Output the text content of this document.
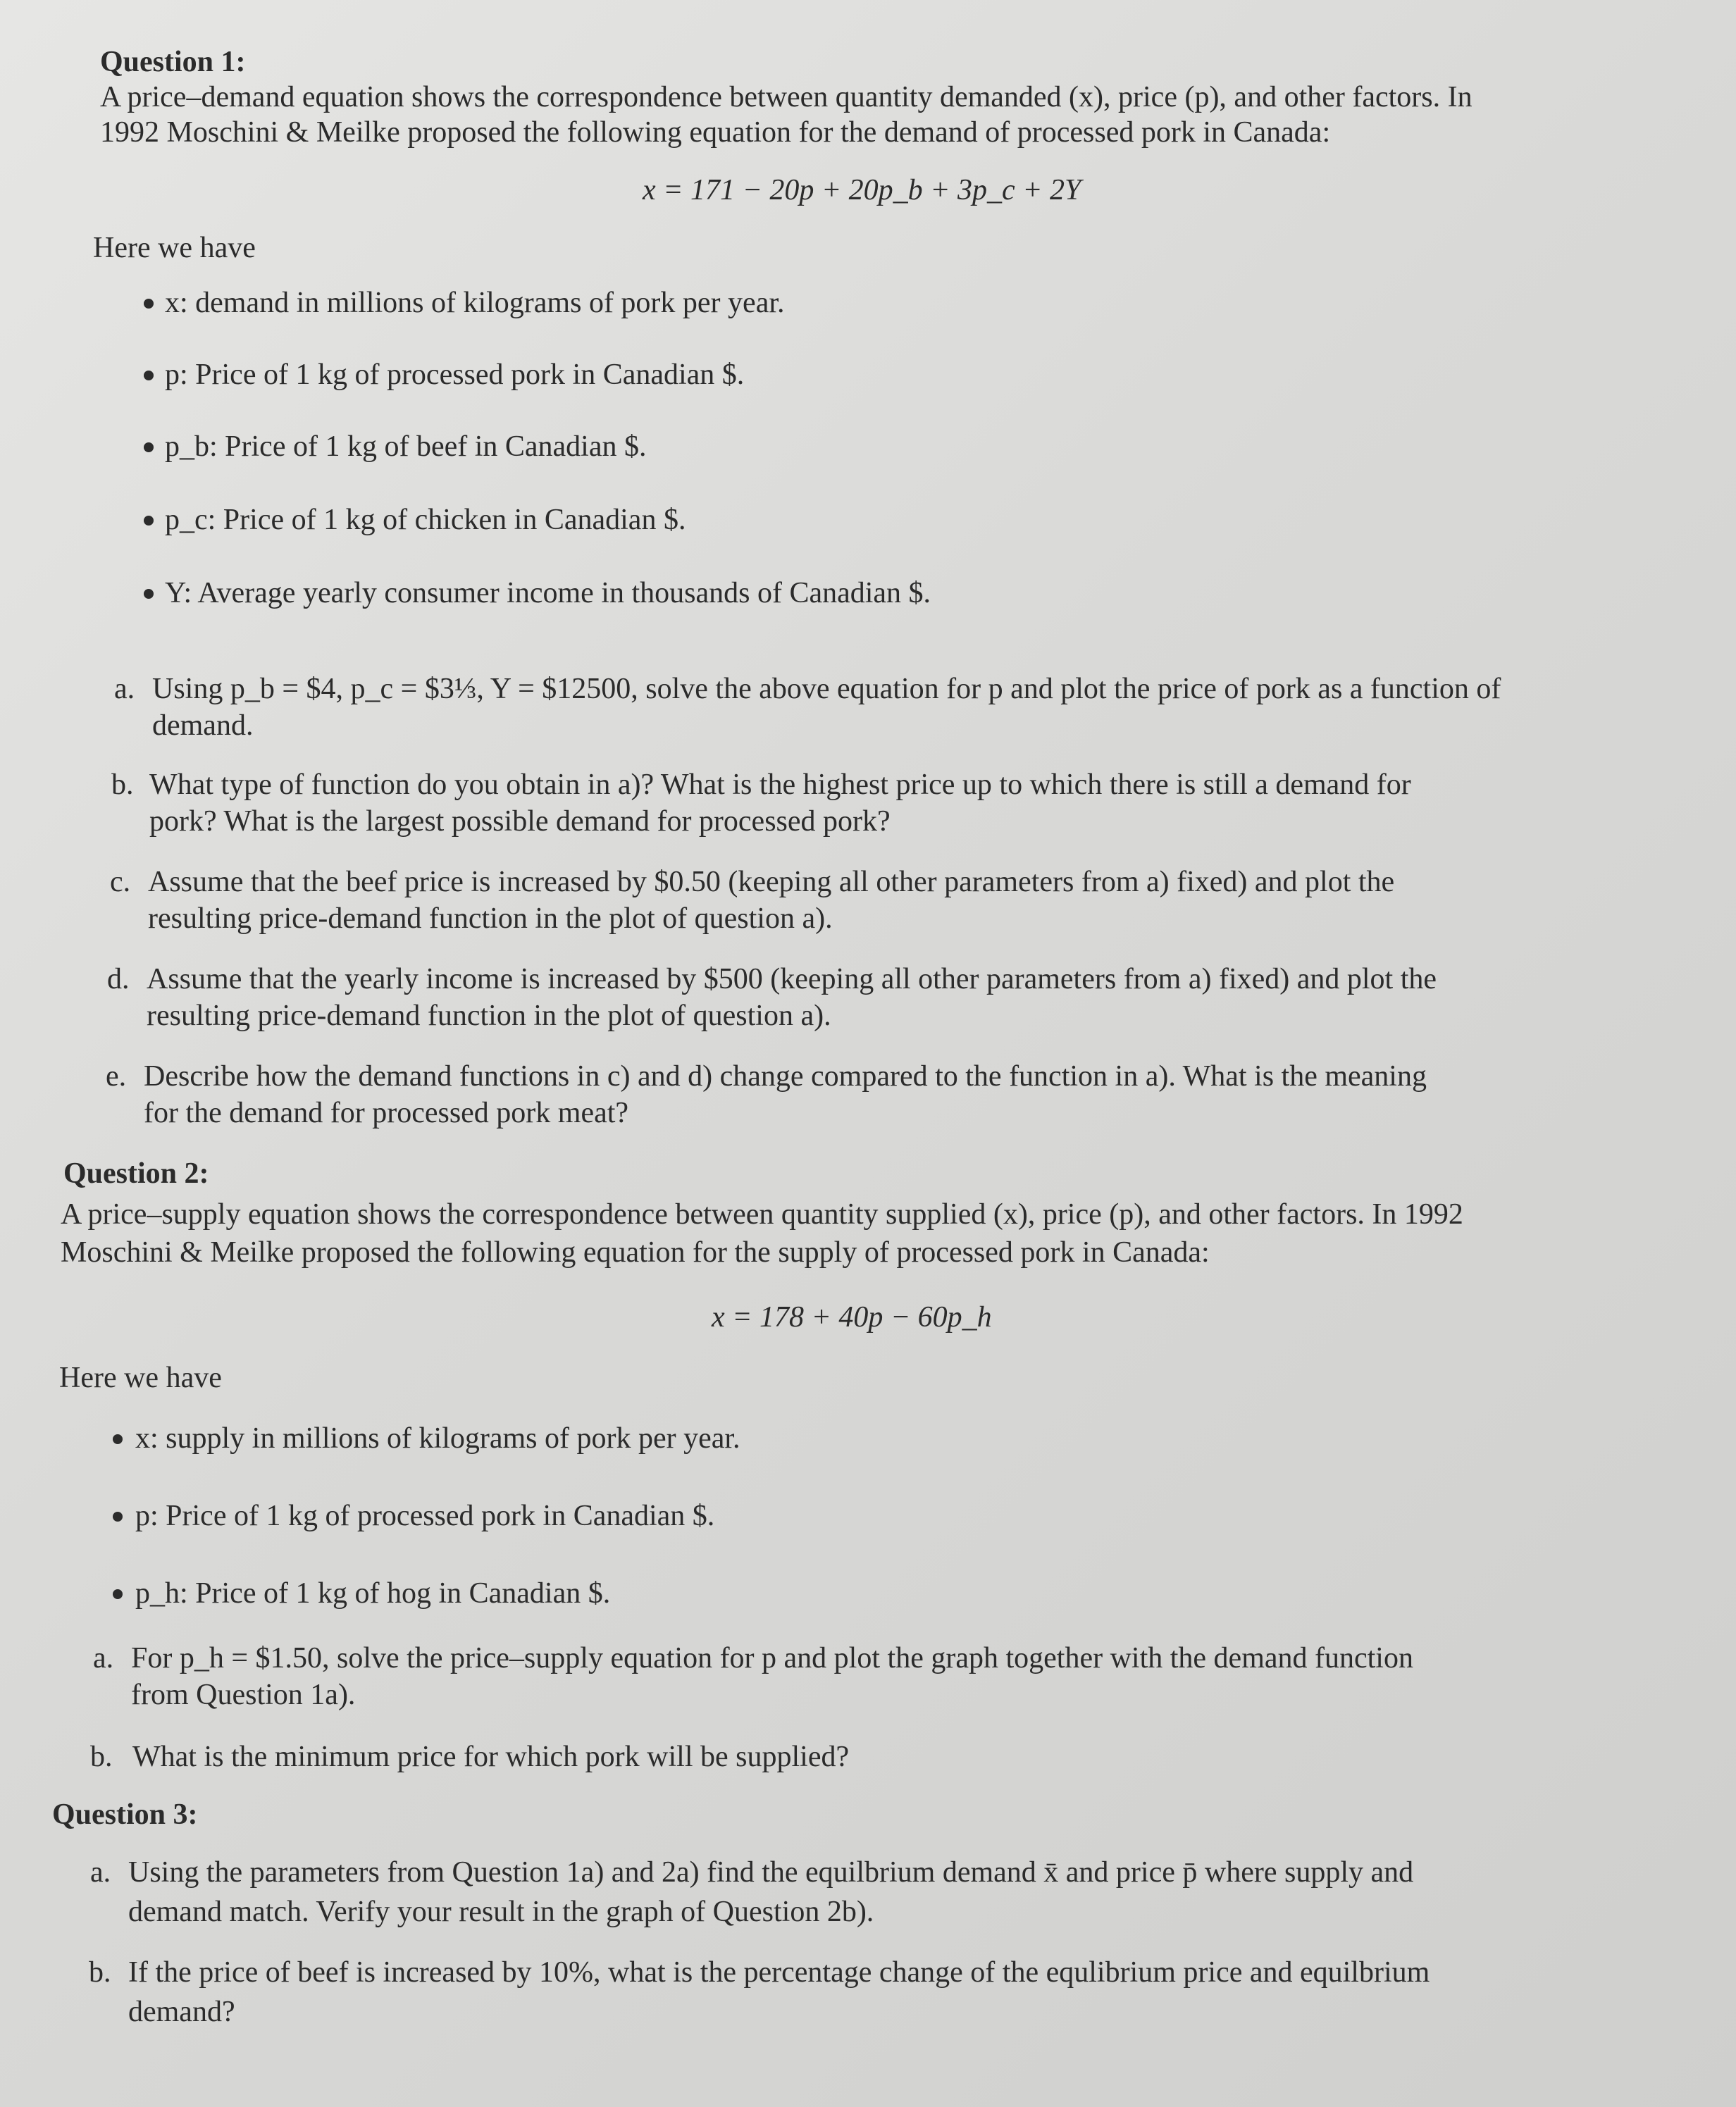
Question 1:
A price–demand equation shows the correspondence between quantity demanded (x), price (p), and other factors. In
1992 Moschini & Meilke proposed the following equation for the demand of processed pork in Canada:
x = 171 − 20p + 20p_b + 3p_c + 2Y
Here we have
x: demand in millions of kilograms of pork per year.
p: Price of 1 kg of processed pork in Canadian $.
p_b: Price of 1 kg of beef in Canadian $.
p_c: Price of 1 kg of chicken in Canadian $.
Y: Average yearly consumer income in thousands of Canadian $.
a. Using p_b = $4, p_c = $3⅓, Y = $12500, solve the above equation for p and plot the price of pork as a function of
demand.
b. What type of function do you obtain in a)? What is the highest price up to which there is still a demand for
pork? What is the largest possible demand for processed pork?
c. Assume that the beef price is increased by $0.50 (keeping all other parameters from a) fixed) and plot the
resulting price-demand function in the plot of question a).
d. Assume that the yearly income is increased by $500 (keeping all other parameters from a) fixed) and plot the
resulting price-demand function in the plot of question a).
e. Describe how the demand functions in c) and d) change compared to the function in a). What is the meaning
for the demand for processed pork meat?
Question 2:
A price–supply equation shows the correspondence between quantity supplied (x), price (p), and other factors. In 1992
Moschini & Meilke proposed the following equation for the supply of processed pork in Canada:
x = 178 + 40p − 60p_h
Here we have
x: supply in millions of kilograms of pork per year.
p: Price of 1 kg of processed pork in Canadian $.
p_h: Price of 1 kg of hog in Canadian $.
a. For p_h = $1.50, solve the price–supply equation for p and plot the graph together with the demand function
from Question 1a).
b. What is the minimum price for which pork will be supplied?
Question 3:
a. Using the parameters from Question 1a) and 2a) find the equilbrium demand x̄ and price p̄ where supply and
demand match. Verify your result in the graph of Question 2b).
b. If the price of beef is increased by 10%, what is the percentage change of the equlibrium price and equilbrium
demand?
